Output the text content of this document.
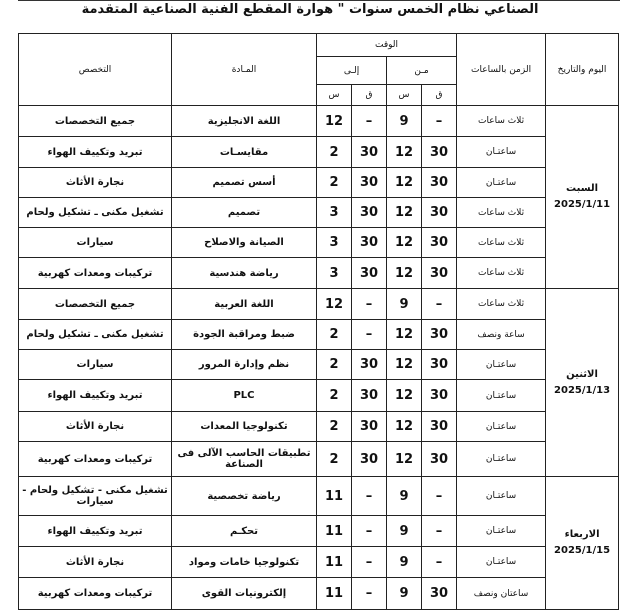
الصناعي نظام الخمس سنوات " هوارة المقطع الفنية الصناعية المتقدمة
اليوم والتاريخ	الزمن بالساعات	الوقت				المـادة	التخصص
		مـن		إلـى			
		ق	س	ق	س		

السبت
2025/1/11	ثلاث ساعات	–	9	–	12	اللغة الانجليزية	جميع التخصصات
	ساعتـان	30	12	30	2	مقايسـات	تبريد وتكييف الهواء
	ساعتـان	30	12	30	2	أسس تصميم	نجارة الأثاث
	ثلاث ساعات	30	12	30	3	تصميم	تشغيل مكنى ـ تشكيل ولحام
	ثلاث ساعات	30	12	30	3	الصيانة والاصلاح	سيارات
	ثلاث ساعات	30	12	30	3	رياضة هندسية	تركيبات ومعدات كهربية

الاثنين
2025/1/13	ثلاث ساعات	–	9	–	12	اللغة العربية	جميع التخصصات
	ساعة ونصف	30	12	–	2	ضبط ومراقبة الجودة	تشغيل مكنى ـ تشكيل ولحام
	ساعتـان	30	12	30	2	نظم وإدارة المرور	سيارات
	ساعتـان	30	12	30	2	PLC	تبريد وتكييف الهواء
	ساعتـان	30	12	30	2	تكنولوجيا المعدات	نجارة الأثاث
	ساعتـان	30	12	30	2	تطبيقات الحاسب الآلى فى الصناعة	تركيبات ومعدات كهربية

الاربعاء
2025/1/15	ساعتـان	–	9	–	11	رياضة تخصصية	تشغيل مكنى - تشكيل ولحام - سيارات
	ساعتـان	–	9	–	11	تحكـم	تبريد وتكييف الهواء
	ساعتـان	–	9	–	11	تكنولوجيا خامات ومواد	نجارة الأثاث
	ساعتان ونصف	30	9	–	11	إلكترونيات القوى	تركيبات ومعدات كهربية
